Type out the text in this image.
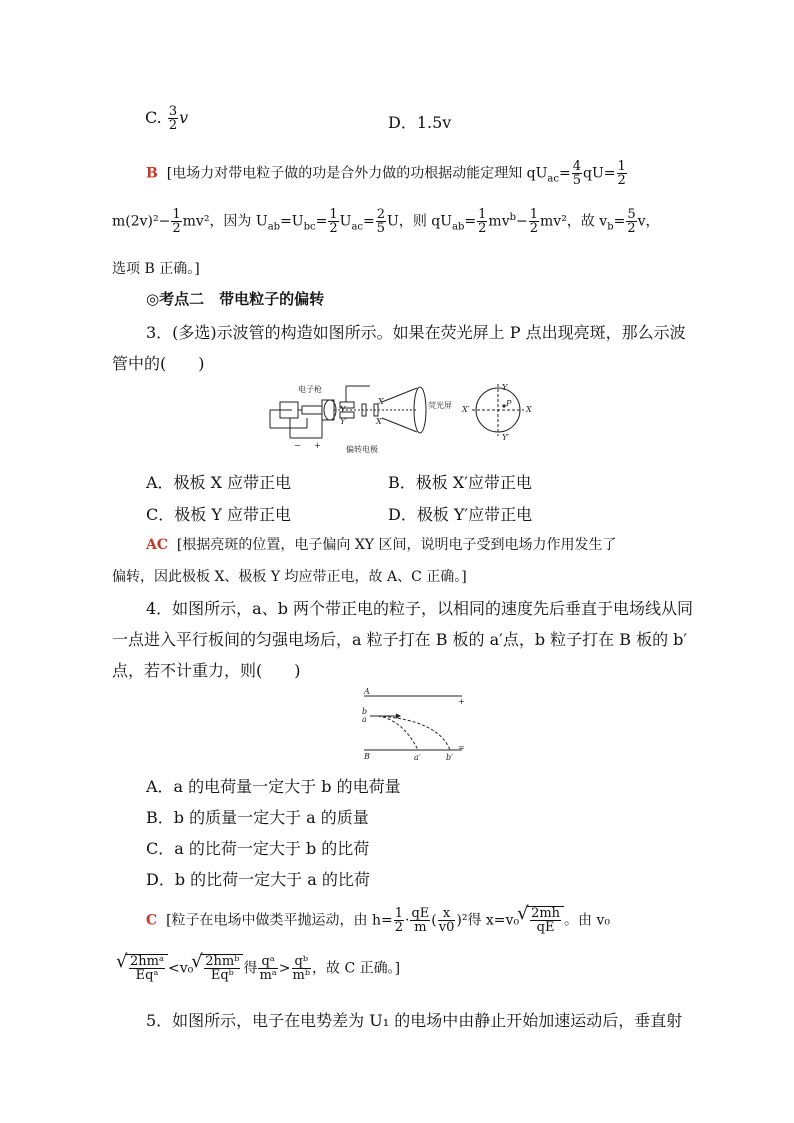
C. $\frac{3}{2}$ v	D．1.5v
B [电场力对带电粒子做的功是合外力做的功根据动能定理知 $qU_{ac}= \frac{4}{5} qU= \frac{1}{2}$
$m(2v)^2- \frac{1}{2} mv^2$，因为 $U_{ab}=U_{bc}= \frac{1}{2} U_{ac}= \frac{2}{5}$ U，则 $qU_{ab}= \frac{1}{2} mv^b- \frac{1}{2} mv^2$，故 $v_b= \frac{5}{2}$ v，
选项 B 正确。]
◎考点二　带电粒子的偏转
3．(多选)示波管的构造如图所示。如果在荧光屏上 P 点出现亮斑，那么示波
管中的(　　)
电子枪
偏转电极
荧光屏
− +
Y
X
X′
Y′
Y
Y′
X
X′
P
A．极板 X 应带正电	B．极板 X′应带正电
C．极板 Y 应带正电	D．极板 Y′应带正电
AC [根据亮斑的位置，电子偏向 XY 区间，说明电子受到电场力作用发生了
偏转，因此极板 X、极板 Y 均应带正电，故 A、C 正确。]
4．如图所示，a、b 两个带正电的粒子，以相同的速度先后垂直于电场线从同
一点进入平行板间的匀强电场后，a 粒子打在 B 板的 a′点，b 粒子打在 B 板的 b′
点，若不计重力，则(　　)
A
B
+
=
b
a
a′	b′
A．a 的电荷量一定大于 b 的电荷量
B．b 的质量一定大于 a 的质量
C．a 的比荷一定大于 b 的比荷
D．b 的比荷一定大于 a 的比荷
C [粒子在电场中做类平抛运动，由 $h= \frac{1}{2} \cdot \frac{qE}{m}$ ( $\frac{x}{v0} )^2$得 x=v₀ √ $\frac{2mh}{qE}$ 。由 v₀
√ $\frac{\text{2hmᵃ}}{\text{Eqᵃ}} <v_0$ √ $\frac{\text{2hmᵇ}}{\text{Eqᵇ}}$ 得 $\frac{\text{qᵃ}}{\text{mᵃ}} > \frac{\text{qᵇ}}{\text{mᵇ}}$ ，故 C 正确。]
5．如图所示，电子在电势差为 U₁ 的电场中由静止开始加速运动后，垂直射
